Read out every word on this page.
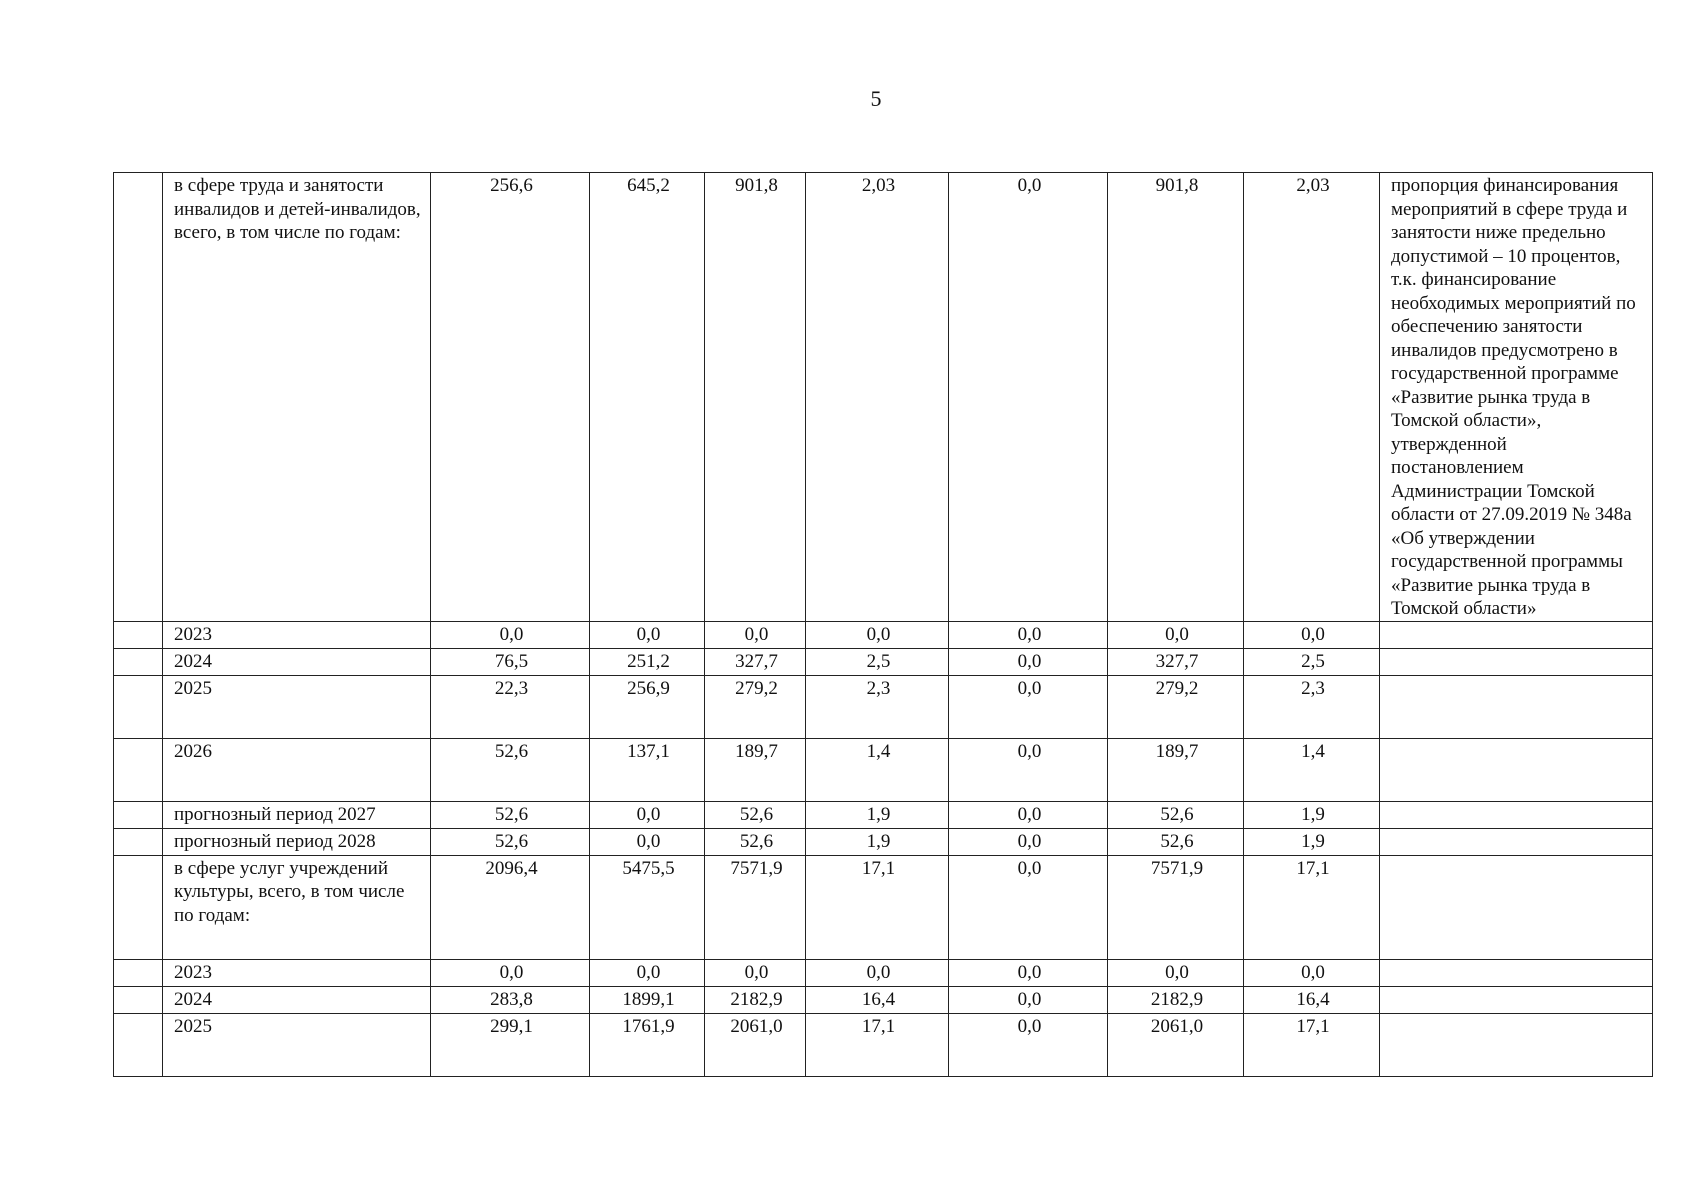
5
	в сфере труда и занятости инвалидов и детей-инвалидов, всего, в том числе по годам:	256,6	645,2	901,8	2,03	0,0	901,8	2,03	пропорция финансирования мероприятий в сфере труда и занятости ниже предельно допустимой – 10 процентов, т.к. финансирование необходимых мероприятий по обеспечению занятости инвалидов предусмотрено в государственной программе «Развитие рынка труда в Томской области», утвержденной постановлением Администрации Томской области от 27.09.2019 № 348а «Об утверждении государственной программы «Развитие рынка труда в Томской области»
	2023	0,0	0,0	0,0	0,0	0,0	0,0	0,0	
	2024	76,5	251,2	327,7	2,5	0,0	327,7	2,5	
	2025	22,3	256,9	279,2	2,3	0,0	279,2	2,3	
	2026	52,6	137,1	189,7	1,4	0,0	189,7	1,4	
	прогнозный период 2027	52,6	0,0	52,6	1,9	0,0	52,6	1,9	
	прогнозный период 2028	52,6	0,0	52,6	1,9	0,0	52,6	1,9	
	в сфере услуг учреждений культуры, всего, в том числе по годам:	2096,4	5475,5	7571,9	17,1	0,0	7571,9	17,1	
	2023	0,0	0,0	0,0	0,0	0,0	0,0	0,0	
	2024	283,8	1899,1	2182,9	16,4	0,0	2182,9	16,4	
	2025	299,1	1761,9	2061,0	17,1	0,0	2061,0	17,1	
